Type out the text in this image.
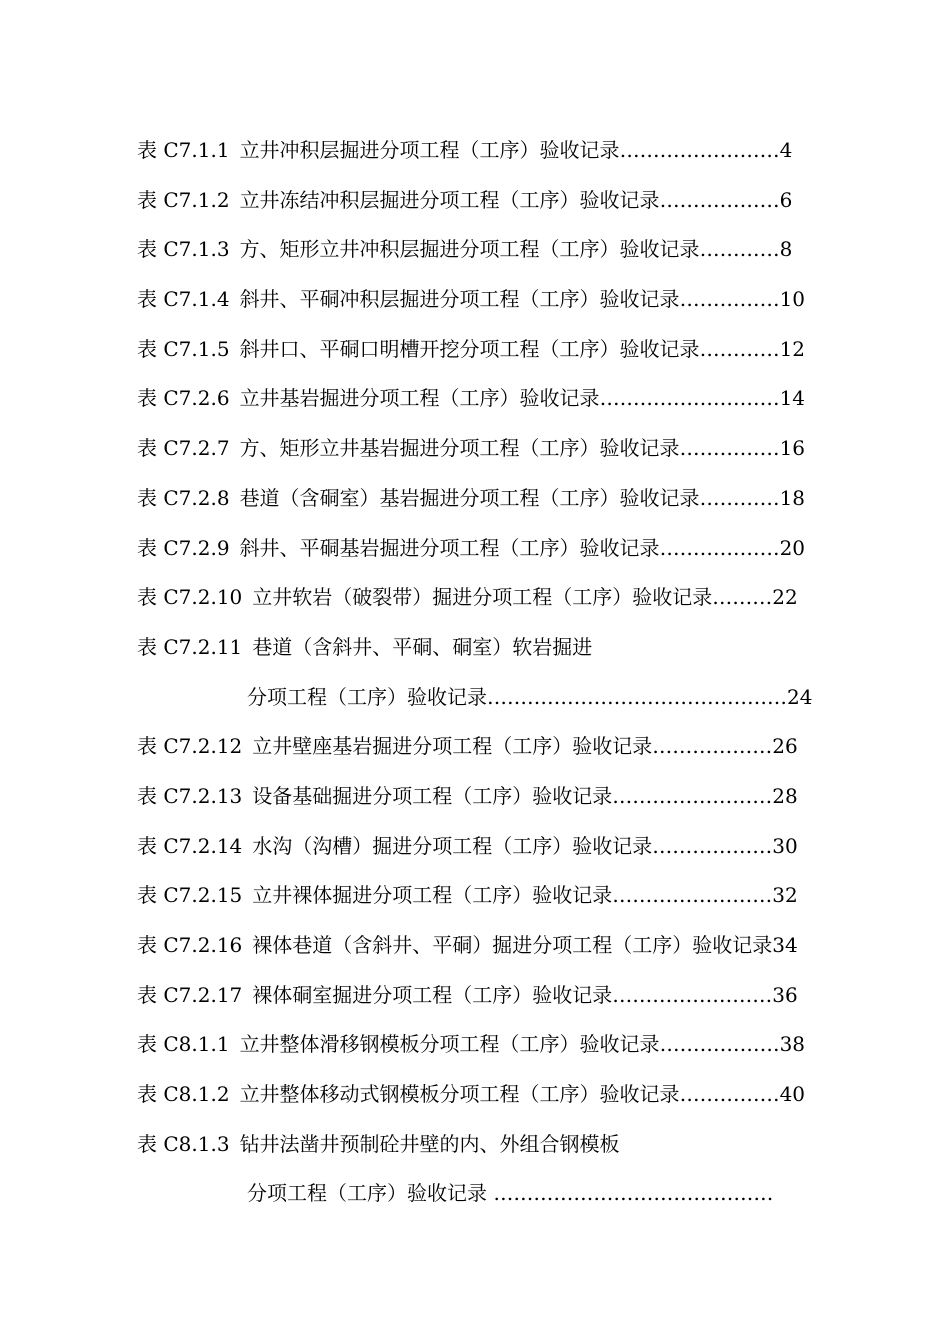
表 C7.1.1 立井冲积层掘进分项工程（工序）验收记录……………………4
表 C7.1.2 立井冻结冲积层掘进分项工程（工序）验收记录………………6
表 C7.1.3 方、矩形立井冲积层掘进分项工程（工序）验收记录…………8
表 C7.1.4 斜井、平硐冲积层掘进分项工程（工序）验收记录……………10
表 C7.1.5 斜井口、平硐口明槽开挖分项工程（工序）验收记录…………12
表 C7.2.6 立井基岩掘进分项工程（工序）验收记录………………………14
表 C7.2.7 方、矩形立井基岩掘进分项工程（工序）验收记录……………16
表 C7.2.8 巷道（含硐室）基岩掘进分项工程（工序）验收记录…………18
表 C7.2.9 斜井、平硐基岩掘进分项工程（工序）验收记录………………20
表 C7.2.10 立井软岩（破裂带）掘进分项工程（工序）验收记录………22
表 C7.2.11 巷道（含斜井、平硐、硐室）软岩掘进
分项工程（工序）验收记录………………………………………24
表 C7.2.12 立井壁座基岩掘进分项工程（工序）验收记录………………26
表 C7.2.13 设备基础掘进分项工程（工序）验收记录……………………28
表 C7.2.14 水沟（沟槽）掘进分项工程（工序）验收记录………………30
表 C7.2.15 立井裸体掘进分项工程（工序）验收记录……………………32
表 C7.2.16 裸体巷道（含斜井、平硐）掘进分项工程（工序）验收记录34
表 C7.2.17 裸体硐室掘进分项工程（工序）验收记录……………………36
表 C8.1.1 立井整体滑移钢模板分项工程（工序）验收记录………………38
表 C8.1.2 立井整体移动式钢模板分项工程（工序）验收记录……………40
表 C8.1.3 钻井法凿井预制砼井壁的内、外组合钢模板
分项工程（工序）验收记录 ……………………………………
